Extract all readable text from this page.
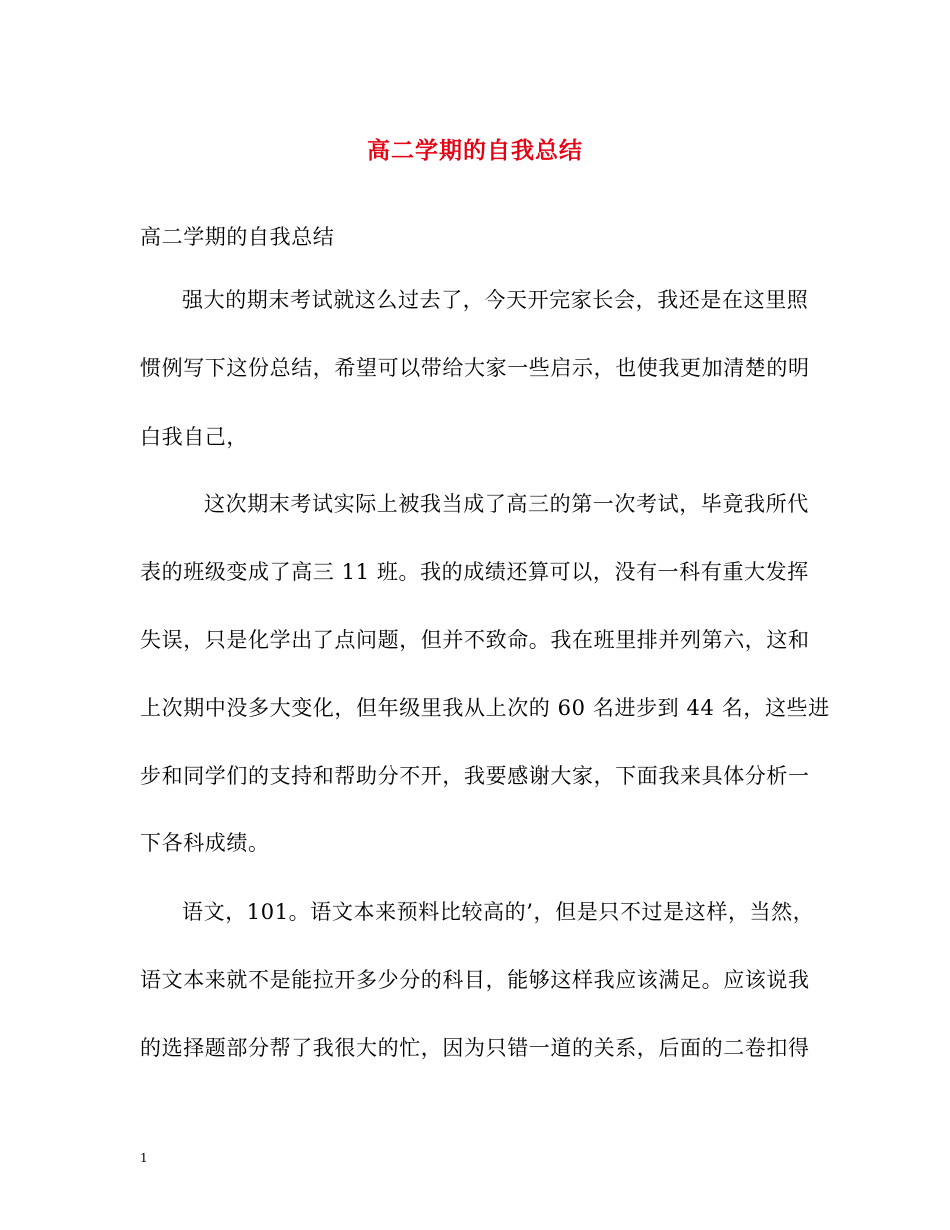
高二学期的自我总结
高二学期的自我总结
强大的期末考试就这么过去了，今天开完家长会，我还是在这里照
惯例写下这份总结，希望可以带给大家一些启示，也使我更加清楚的明
白我自己，
这次期末考试实际上被我当成了高三的第一次考试，毕竟我所代
表的班级变成了高三 11 班。我的成绩还算可以，没有一科有重大发挥
失误，只是化学出了点问题，但并不致命。我在班里排并列第六，这和
上次期中没多大变化，但年级里我从上次的 60 名进步到 44 名，这些进
步和同学们的支持和帮助分不开，我要感谢大家，下面我来具体分析一
下各科成绩。
语文，101。语文本来预料比较高的’，但是只不过是这样，当然，
语文本来就不是能拉开多少分的科目，能够这样我应该满足。应该说我
的选择题部分帮了我很大的忙，因为只错一道的关系，后面的二卷扣得
1
